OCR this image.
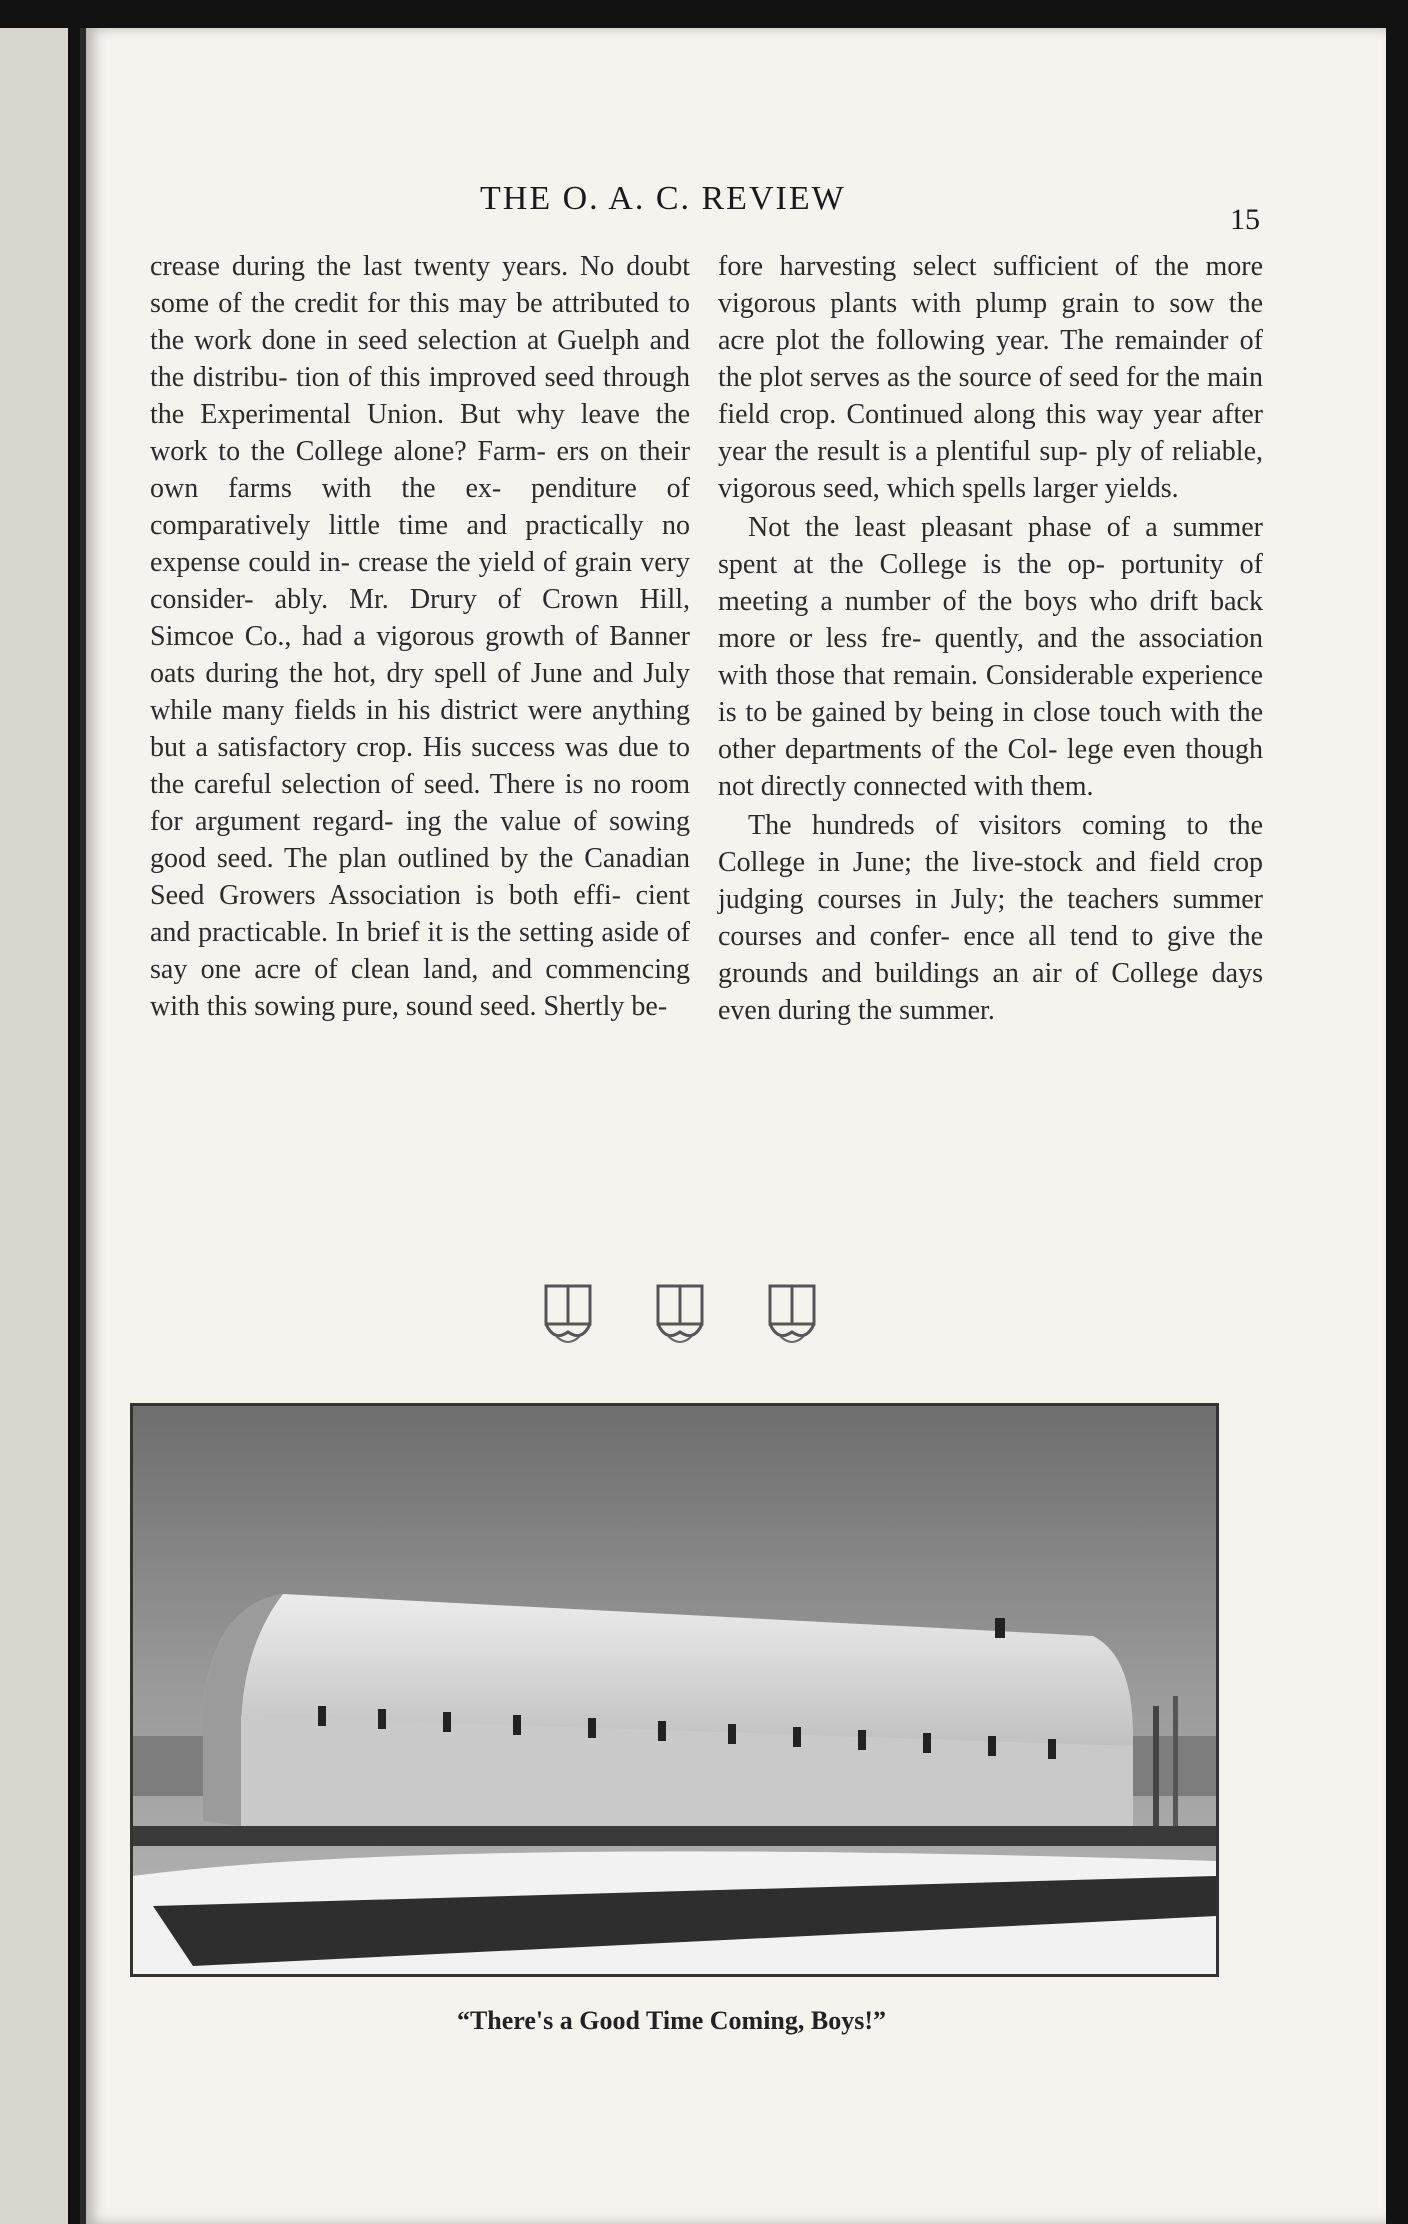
THE O. A. C. REVIEW
15

crease during the last twenty years. No doubt some of the credit for this may be attributed to the work done in seed selection at Guelph and the distribu- tion of this improved seed through the Experimental Union. But why leave the work to the College alone? Farm- ers on their own farms with the ex- penditure of comparatively little time and practically no expense could in- crease the yield of grain very consider- ably. Mr. Drury of Crown Hill, Simcoe Co., had a vigorous growth of Banner oats during the hot, dry spell of June and July while many fields in his district were anything but a satisfactory crop. His success was due to the careful selection of seed. There is no room for argument regard- ing the value of sowing good seed. The plan outlined by the Canadian Seed Growers Association is both effi- cient and practicable. In brief it is the setting aside of say one acre of clean land, and commencing with this sowing pure, sound seed. Shertly be-

fore harvesting select sufficient of the more vigorous plants with plump grain to sow the acre plot the following year. The remainder of the plot serves as the source of seed for the main field crop. Continued along this way year after year the result is a plentiful sup- ply of reliable, vigorous seed, which spells larger yields.

Not the least pleasant phase of a summer spent at the College is the op- portunity of meeting a number of the boys who drift back more or less fre- quently, and the association with those that remain. Considerable experience is to be gained by being in close touch with the other departments of the Col- lege even though not directly connected with them.

The hundreds of visitors coming to the College in June; the live-stock and field crop judging courses in July; the teachers summer courses and confer- ence all tend to give the grounds and buildings an air of College days even during the summer.

“There's a Good Time Coming, Boys!”
